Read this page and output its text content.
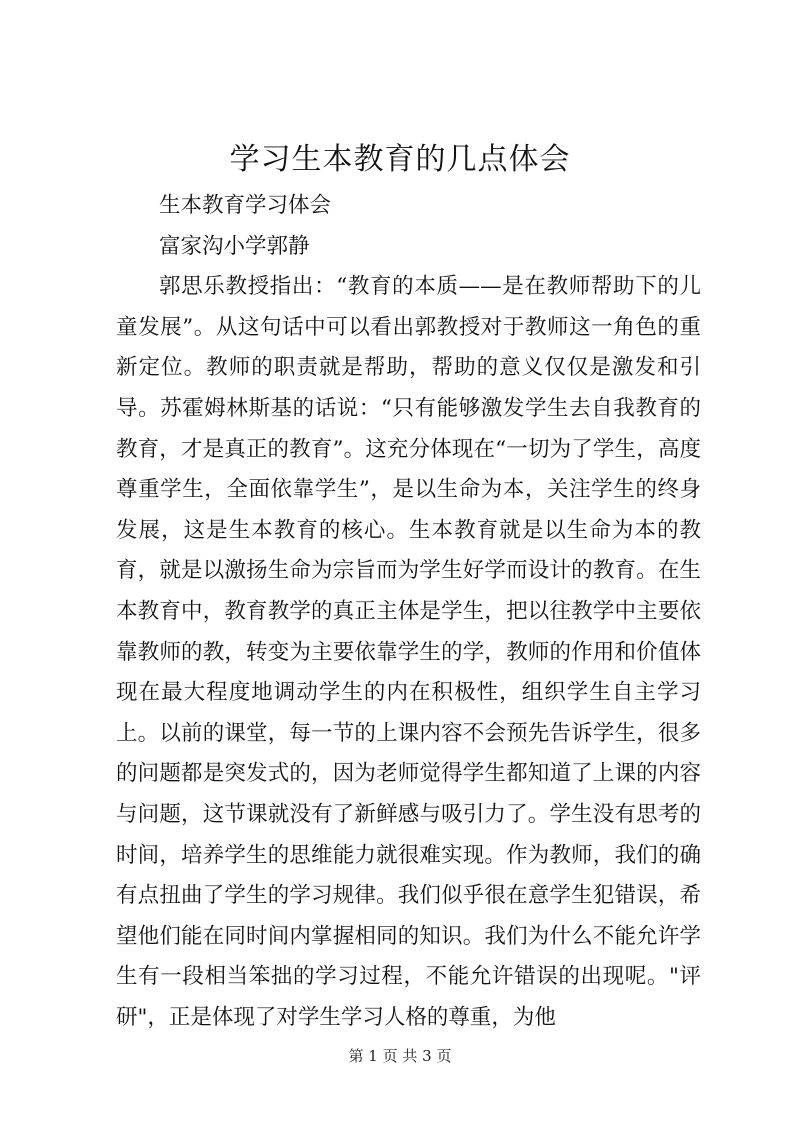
学习生本教育的几点体会

生本教育学习体会

富家沟小学郭静

郭思乐教授指出：“教育的本质——是在教师帮助下的儿童发展”。从这句话中可以看出郭教授对于教师这一角色的重新定位。教师的职责就是帮助，帮助的意义仅仅是激发和引导。苏霍姆林斯基的话说：“只有能够激发学生去自我教育的教育，才是真正的教育”。这充分体现在“一切为了学生，高度尊重学生，全面依靠学生”，是以生命为本，关注学生的终身发展，这是生本教育的核心。生本教育就是以生命为本的教育，就是以激扬生命为宗旨而为学生好学而设计的教育。在生本教育中，教育教学的真正主体是学生，把以往教学中主要依靠教师的教，转变为主要依靠学生的学，教师的作用和价值体现在最大程度地调动学生的内在积极性，组织学生自主学习上。以前的课堂，每一节的上课内容不会预先告诉学生，很多的问题都是突发式的，因为老师觉得学生都知道了上课的内容与问题，这节课就没有了新鲜感与吸引力了。学生没有思考的时间，培养学生的思维能力就很难实现。作为教师，我们的确有点扭曲了学生的学习规律。我们似乎很在意学生犯错误，希望他们能在同时间内掌握相同的知识。我们为什么不能允许学生有一段相当笨拙的学习过程，不能允许错误的出现呢。"评研"，正是体现了对学生学习人格的尊重，为他

第 1 页 共 3 页
